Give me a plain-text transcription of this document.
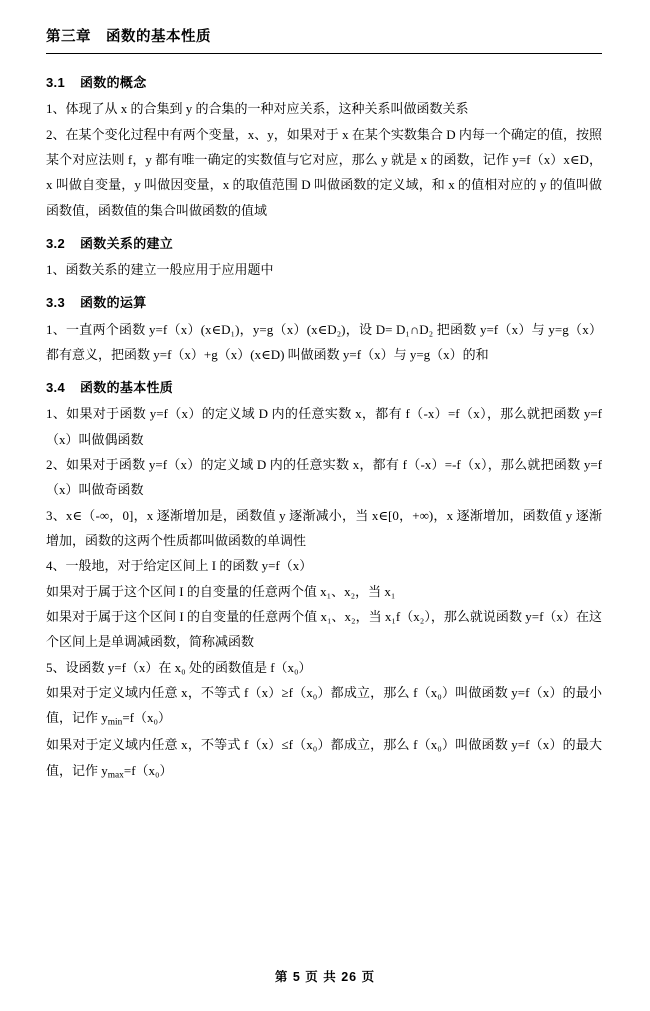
第三章　函数的基本性质
3.1 函数的概念

1、体现了从 x 的合集到 y 的合集的一种对应关系，这种关系叫做函数关系

2、在某个变化过程中有两个变量，x、y，如果对于 x 在某个实数集合 D 内每一个确定的值，按照某个对应法则 f，y 都有唯一确定的实数值与它对应，那么 y 就是 x 的函数，记作 y=f（x）x∈D，x 叫做自变量，y 叫做因变量，x 的取值范围 D 叫做函数的定义域，和 x 的值相对应的 y 的值叫做函数值，函数值的集合叫做函数的值域

3.2 函数关系的建立

1、函数关系的建立一般应用于应用题中

3.3 函数的运算

1、一直两个函数 y=f（x）(x∈D₁)，y=g（x）(x∈D₂)，设 D= D₁∩D₂ 把函数 y=f（x）与 y=g（x）都有意义，把函数 y=f（x）+g（x）(x∈D) 叫做函数 y=f（x）与 y=g（x）的和

3.4 函数的基本性质

1、如果对于函数 y=f（x）的定义域 D 内的任意实数 x，都有 f（-x）=f（x），那么就把函数 y=f（x）叫做偶函数

2、如果对于函数 y=f（x）的定义域 D 内的任意实数 x，都有 f（-x）=-f（x），那么就把函数 y=f（x）叫做奇函数

3、x∈（-∞，0]，x 逐渐增加是，函数值 y 逐渐减小，当 x∈[0，+∞)，x 逐渐增加，函数值 y 逐渐增加，函数的这两个性质都叫做函数的单调性

4、一般地，对于给定区间上 I 的函数 y=f（x）

如果对于属于这个区间 I 的自变量的任意两个值 x₁、x₂，当 x₁

如果对于属于这个区间 I 的自变量的任意两个值 x₁、x₂，当 x₁f（x₂），那么就说函数 y=f（x）在这个区间上是单调减函数，简称减函数

5、设函数 y=f（x）在 x₀ 处的函数值是 f（x₀）

如果对于定义域内任意 x，不等式 f（x）≥f（x₀）都成立，那么 f（x₀）叫做函数 y=f（x）的最小值，记作 $y_{min}=f(x_0)$

如果对于定义域内任意 x，不等式 f（x）≤f（x₀）都成立，那么 f（x₀）叫做函数 y=f（x）的最大值，记作 $y_{max}=f(x_0)$

第 5 页 共 26 页
